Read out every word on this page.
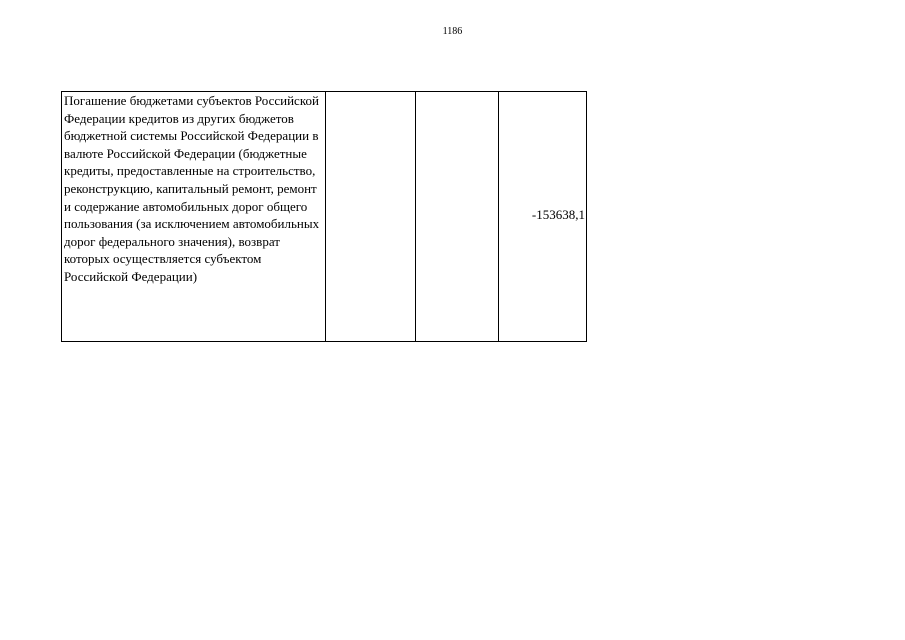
1186
Погашение бюджетами субъектов Российской Федерации кредитов из других бюджетов бюджетной системы Российской Федерации в валюте Российской Федерации (бюджетные кредиты, предоставленные на строительство, реконструкцию, капитальный ремонт, ремонт и содержание автомобильных дорог общего пользования (за исключением автомобильных дорог федерального значения), возврат которых осуществляется субъектом Российской Федерации)			-153638,1
